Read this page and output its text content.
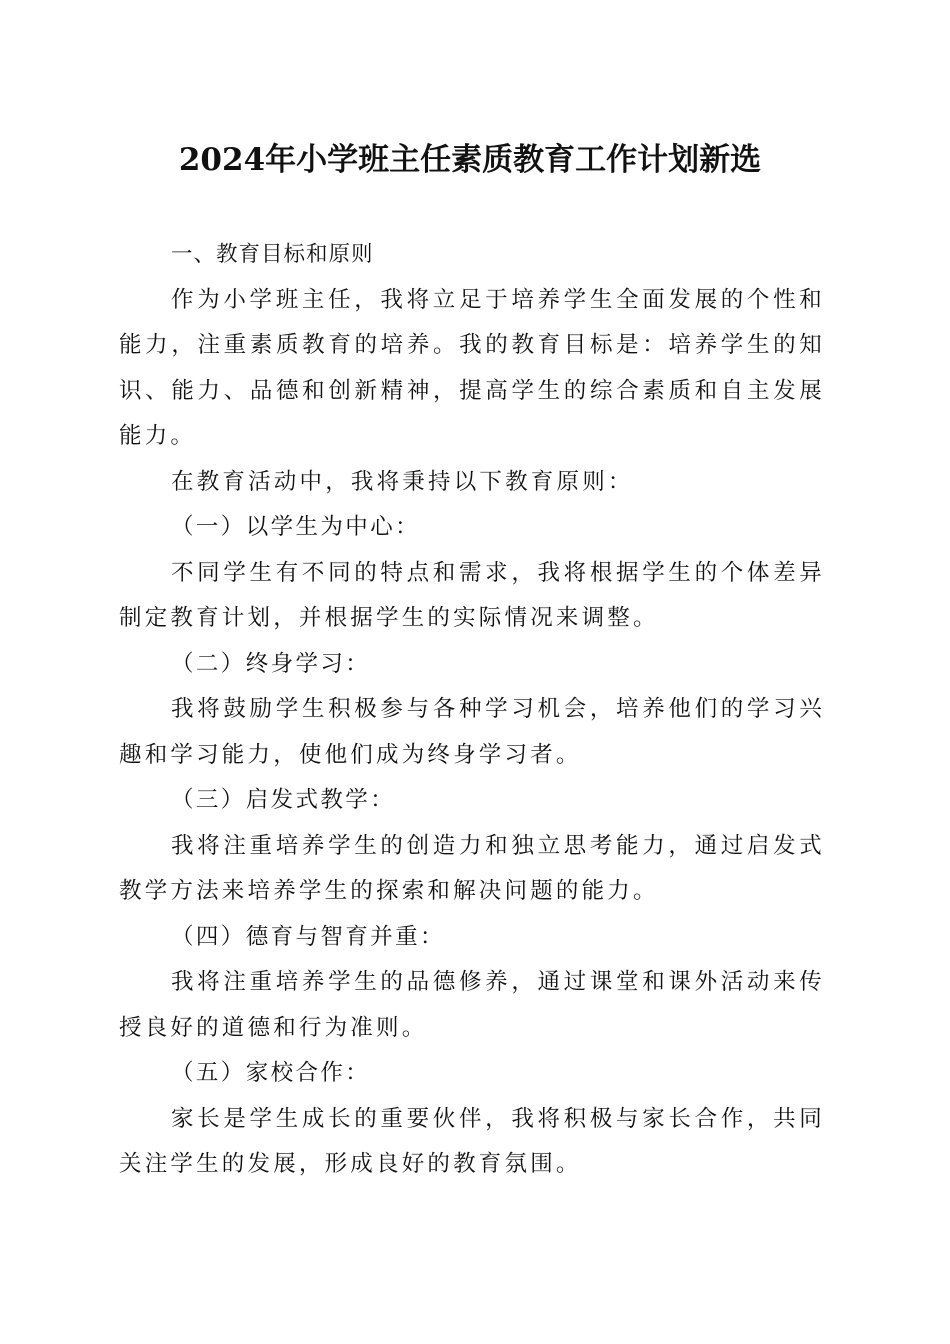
2024年小学班主任素质教育工作计划新选

一、教育目标和原则

作为小学班主任，我将立足于培养学生全面发展的个性和能力，注重素质教育的培养。我的教育目标是：培养学生的知识、能力、品德和创新精神，提高学生的综合素质和自主发展能力。

在教育活动中，我将秉持以下教育原则：

（一）以学生为中心：

不同学生有不同的特点和需求，我将根据学生的个体差异制定教育计划，并根据学生的实际情况来调整。

（二）终身学习：

我将鼓励学生积极参与各种学习机会，培养他们的学习兴趣和学习能力，使他们成为终身学习者。

（三）启发式教学：

我将注重培养学生的创造力和独立思考能力，通过启发式教学方法来培养学生的探索和解决问题的能力。

（四）德育与智育并重：

我将注重培养学生的品德修养，通过课堂和课外活动来传授良好的道德和行为准则。

（五）家校合作：

家长是学生成长的重要伙伴，我将积极与家长合作，共同关注学生的发展，形成良好的教育氛围。
